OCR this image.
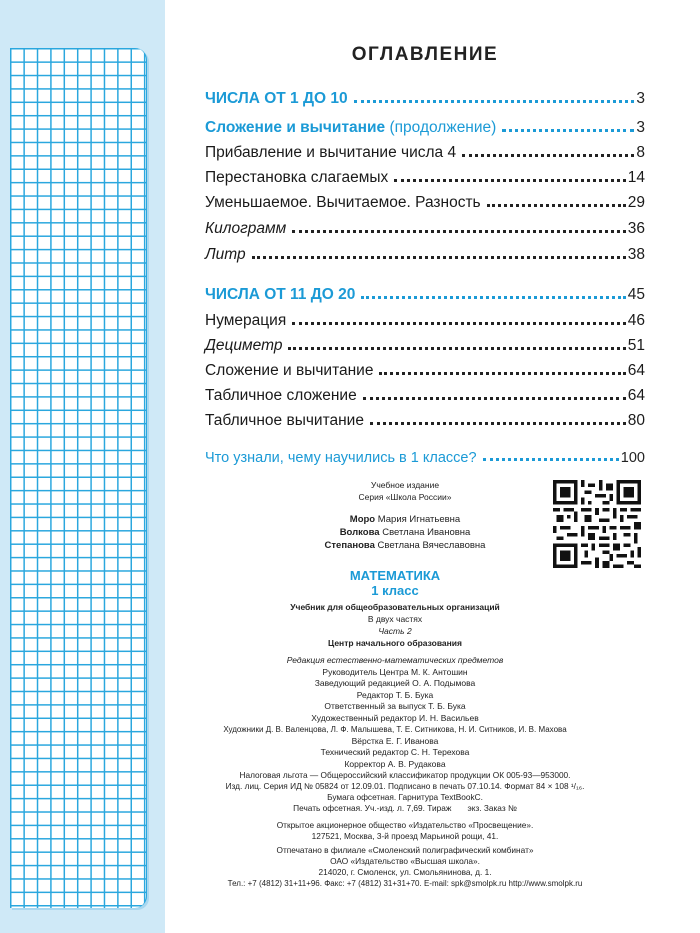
ОГЛАВЛЕНИЕ
ЧИСЛА ОТ 1 ДО 10	3
Сложение и вычитание (продолжение)	3
Прибавление и вычитание числа 4	8
Перестановка слагаемых	14
Уменьшаемое. Вычитаемое. Разность	29
Килограмм	36
Литр	38
ЧИСЛА ОТ 11 ДО 20	45
Нумерация	46
Дециметр	51
Сложение и вычитание	64
Табличное сложение	64
Табличное вычитание	80
Что узнали, чему научились в 1 классе?	100
Учебное издание
Серия «Школа России»
Моро Мария Игнатьевна
Волкова Светлана Ивановна
Степанова Светлана Вячеславовна
МАТЕМАТИКА
1 класс
Учебник для общеобразовательных организаций
В двух частях
Часть 2
Центр начального образования
Редакция естественно-математических предметов
Руководитель Центра М. К. Антошин
Заведующий редакцией О. А. Подымова
Редактор Т. Б. Бука
Ответственный за выпуск Т. Б. Бука
Художественный редактор И. Н. Васильев
Художники Д. В. Валенцова, Л. Ф. Малышева, Т. Е. Ситникова, Н. И. Ситников, И. В. Махова
Вёрстка Е. Г. Иванова
Технический редактор С. Н. Терехова
Корректор А. В. Рудакова
Налоговая льгота — Общероссийский классификатор продукции ОК 005-93—953000.
Изд. лиц. Серия ИД № 05824 от 12.09.01. Подписано в печать 07.10.14. Формат 84 × 108 ¹/₁₆.
Бумага офсетная. Гарнитура TextBookC.
Печать офсетная. Уч.-изд. л. 7,69. Тираж       экз. Заказ №
Открытое акционерное общество «Издательство «Просвещение».
127521, Москва, 3-й проезд Марьиной рощи, 41.
Отпечатано в филиале «Смоленский полиграфический комбинат»
ОАО «Издательство «Высшая школа».
214020, г. Смоленск, ул. Смольянинова, д. 1.
Тел.: +7 (4812) 31+11+96. Факс: +7 (4812) 31+31+70. E-mail: spk@smolpk.ru http://www.smolpk.ru
